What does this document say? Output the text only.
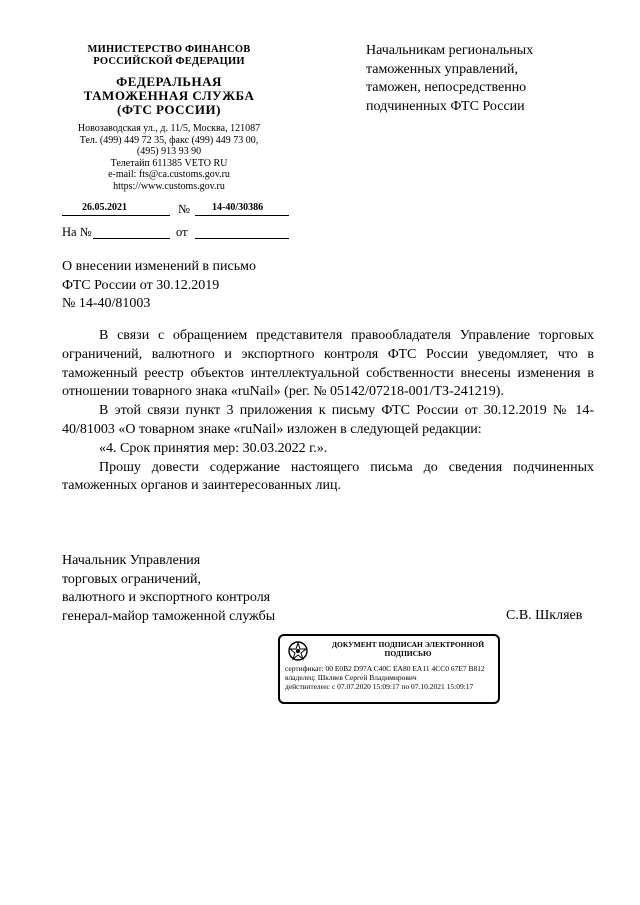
МИНИСТЕРСТВО ФИНАНСОВ
РОССИЙСКОЙ ФЕДЕРАЦИИ
ФЕДЕРАЛЬНАЯ
ТАМОЖЕННАЯ СЛУЖБА
(ФТС РОССИИ)
Новозаводская ул., д. 11/5, Москва, 121087
Тел. (499) 449 72 35, факс (499) 449 73 00,
(495) 913 93 90
Телетайп 611385 VETO RU
e-mail: fts@ca.customs.gov.ru
https://www.customs.gov.ru
26.05.2021	№ 14-40/30386
На №	от
Начальникам региональных
таможенных управлений,
таможен, непосредственно
подчиненных ФТС России
О внесении изменений в письмо
ФТС России от 30.12.2019
№ 14-40/81003

В связи с обращением представителя правообладателя Управление торговых ограничений, валютного и экспортного контроля ФТС России уведомляет, что в таможенный реестр объектов интеллектуальной собственности внесены изменения в отношении товарного знака «ruNail» (рег. № 05142/07218-001/ТЗ-241219).

В этой связи пункт 3 приложения к письму ФТС России от 30.12.2019 № 14-40/81003 «О товарном знаке «ruNail» изложен в следующей редакции:

«4. Срок принятия мер: 30.03.2022 г.».

Прошу довести содержание настоящего письма до сведения подчиненных таможенных органов и заинтересованных лиц.

Начальник Управления
торговых ограничений,
валютного и экспортного контроля
генерал-майор таможенной службы	С.В. Шкляев
ДОКУМЕНТ ПОДПИСАН ЭЛЕКТРОННОЙ ПОДПИСЬЮ
сертификат: 00 E0B2 D97A C40C EA80 EA11 4CC0 67E7 B812
владелец: Шкляев Сергей Владимирович
действителен: с 07.07.2020 15:09:17 по 07.10.2021 15:09:17
